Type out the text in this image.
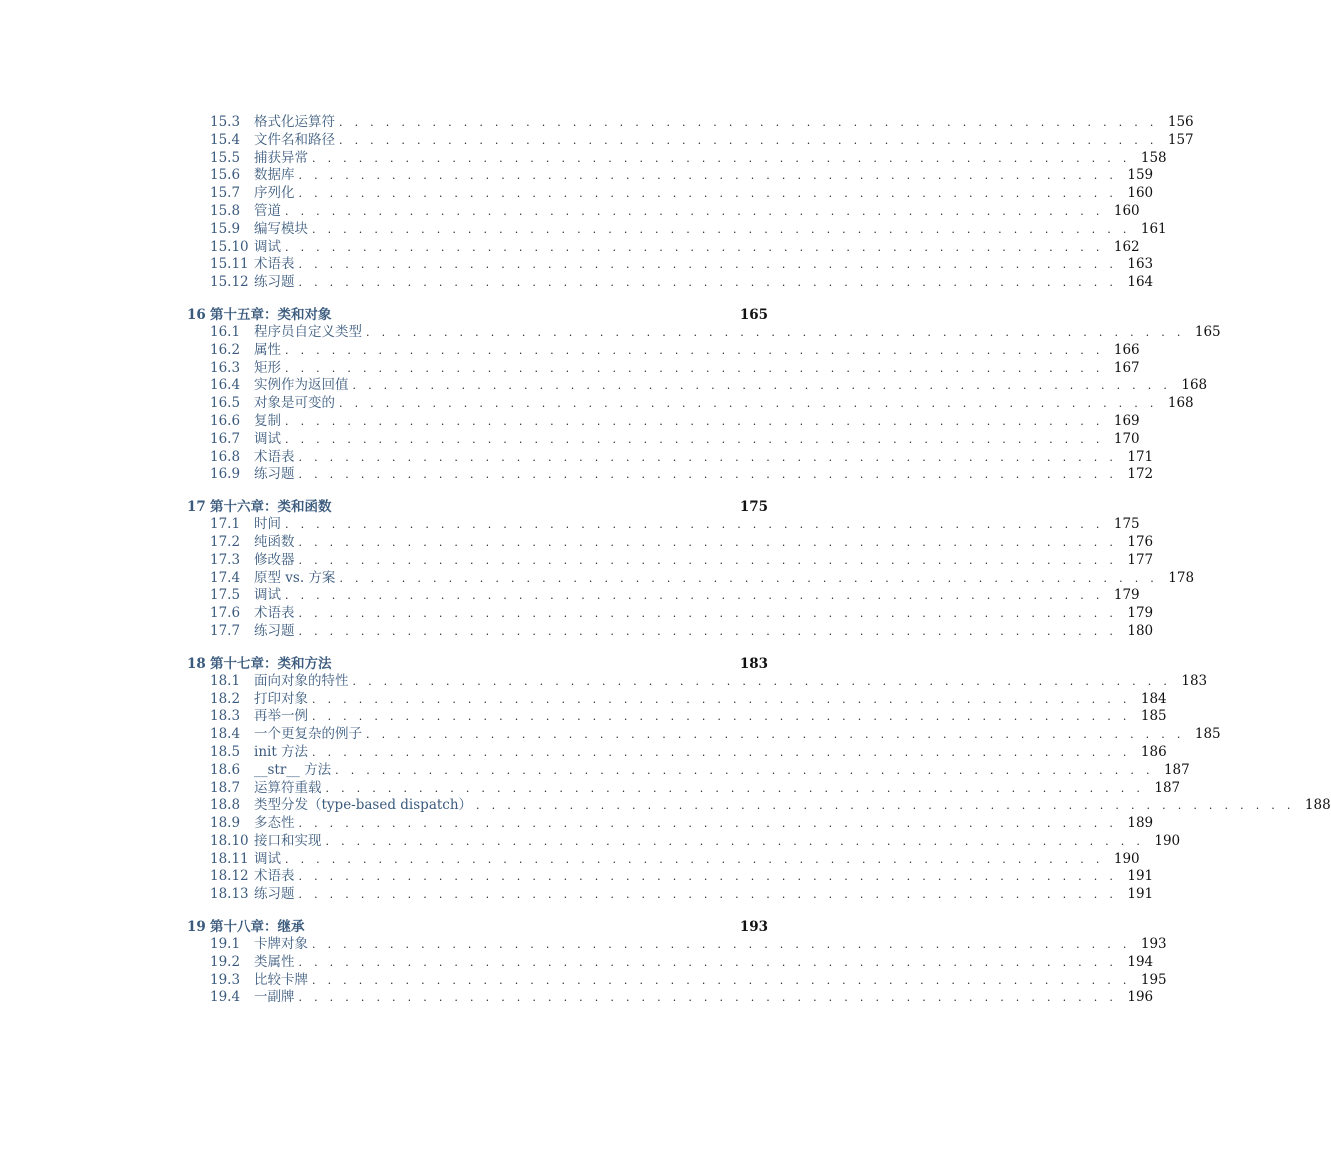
15.3	格式化运算符 . . . . . . . . . . . . . . . . . . . . . . . . . . . . . . . . . . . . . . . . . . . . . . . . . . . . . 156
15.4	文件名和路径 . . . . . . . . . . . . . . . . . . . . . . . . . . . . . . . . . . . . . . . . . . . . . . . . . . . . . 157
15.5	捕获异常 . . . . . . . . . . . . . . . . . . . . . . . . . . . . . . . . . . . . . . . . . . . . . . . . . . . . . 158
15.6	数据库 . . . . . . . . . . . . . . . . . . . . . . . . . . . . . . . . . . . . . . . . . . . . . . . . . . . . . 159
15.7	序列化 . . . . . . . . . . . . . . . . . . . . . . . . . . . . . . . . . . . . . . . . . . . . . . . . . . . . . 160
15.8	管道 . . . . . . . . . . . . . . . . . . . . . . . . . . . . . . . . . . . . . . . . . . . . . . . . . . . . . 160
15.9	编写模块 . . . . . . . . . . . . . . . . . . . . . . . . . . . . . . . . . . . . . . . . . . . . . . . . . . . . . 161
15.10 调试 . . . . . . . . . . . . . . . . . . . . . . . . . . . . . . . . . . . . . . . . . . . . . . . . . . . . . 162
15.11 术语表 . . . . . . . . . . . . . . . . . . . . . . . . . . . . . . . . . . . . . . . . . . . . . . . . . . . . . 163
15.12 练习题 . . . . . . . . . . . . . . . . . . . . . . . . . . . . . . . . . . . . . . . . . . . . . . . . . . . . . 164
16 第十五章：类和对象	165
16.1	程序员自定义类型 . . . . . . . . . . . . . . . . . . . . . . . . . . . . . . . . . . . . . . . . . . . . . . . . . . . . . 165
16.2	属性 . . . . . . . . . . . . . . . . . . . . . . . . . . . . . . . . . . . . . . . . . . . . . . . . . . . . . 166
16.3	矩形 . . . . . . . . . . . . . . . . . . . . . . . . . . . . . . . . . . . . . . . . . . . . . . . . . . . . . 167
16.4	实例作为返回值 . . . . . . . . . . . . . . . . . . . . . . . . . . . . . . . . . . . . . . . . . . . . . . . . . . . . . 168
16.5	对象是可变的 . . . . . . . . . . . . . . . . . . . . . . . . . . . . . . . . . . . . . . . . . . . . . . . . . . . . . 168
16.6	复制 . . . . . . . . . . . . . . . . . . . . . . . . . . . . . . . . . . . . . . . . . . . . . . . . . . . . . 169
16.7	调试 . . . . . . . . . . . . . . . . . . . . . . . . . . . . . . . . . . . . . . . . . . . . . . . . . . . . . 170
16.8	术语表 . . . . . . . . . . . . . . . . . . . . . . . . . . . . . . . . . . . . . . . . . . . . . . . . . . . . . 171
16.9	练习题 . . . . . . . . . . . . . . . . . . . . . . . . . . . . . . . . . . . . . . . . . . . . . . . . . . . . . 172
17 第十六章：类和函数	175
17.1	时间 . . . . . . . . . . . . . . . . . . . . . . . . . . . . . . . . . . . . . . . . . . . . . . . . . . . . . 175
17.2	纯函数 . . . . . . . . . . . . . . . . . . . . . . . . . . . . . . . . . . . . . . . . . . . . . . . . . . . . . 176
17.3	修改器 . . . . . . . . . . . . . . . . . . . . . . . . . . . . . . . . . . . . . . . . . . . . . . . . . . . . . 177
17.4	原型 vs. 方案 . . . . . . . . . . . . . . . . . . . . . . . . . . . . . . . . . . . . . . . . . . . . . . . . . . . . . 178
17.5	调试 . . . . . . . . . . . . . . . . . . . . . . . . . . . . . . . . . . . . . . . . . . . . . . . . . . . . . 179
17.6	术语表 . . . . . . . . . . . . . . . . . . . . . . . . . . . . . . . . . . . . . . . . . . . . . . . . . . . . . 179
17.7	练习题 . . . . . . . . . . . . . . . . . . . . . . . . . . . . . . . . . . . . . . . . . . . . . . . . . . . . . 180
18 第十七章：类和方法	183
18.1	面向对象的特性 . . . . . . . . . . . . . . . . . . . . . . . . . . . . . . . . . . . . . . . . . . . . . . . . . . . . . 183
18.2	打印对象 . . . . . . . . . . . . . . . . . . . . . . . . . . . . . . . . . . . . . . . . . . . . . . . . . . . . . 184
18.3	再举一例 . . . . . . . . . . . . . . . . . . . . . . . . . . . . . . . . . . . . . . . . . . . . . . . . . . . . . 185
18.4	一个更复杂的例子 . . . . . . . . . . . . . . . . . . . . . . . . . . . . . . . . . . . . . . . . . . . . . . . . . . . . . 185
18.5	init 方法 . . . . . . . . . . . . . . . . . . . . . . . . . . . . . . . . . . . . . . . . . . . . . . . . . . . . . 186
18.6	__str__ 方法 . . . . . . . . . . . . . . . . . . . . . . . . . . . . . . . . . . . . . . . . . . . . . . . . . . . . . 187
18.7	运算符重载 . . . . . . . . . . . . . . . . . . . . . . . . . . . . . . . . . . . . . . . . . . . . . . . . . . . . . 187
18.8	类型分发（type-based dispatch） . . . . . . . . . . . . . . . . . . . . . . . . . . . . . . . . . . . . . . . . . . . . . . . . . . . . . 188
18.9	多态性 . . . . . . . . . . . . . . . . . . . . . . . . . . . . . . . . . . . . . . . . . . . . . . . . . . . . . 189
18.10 接口和实现 . . . . . . . . . . . . . . . . . . . . . . . . . . . . . . . . . . . . . . . . . . . . . . . . . . . . . 190
18.11 调试 . . . . . . . . . . . . . . . . . . . . . . . . . . . . . . . . . . . . . . . . . . . . . . . . . . . . . 190
18.12 术语表 . . . . . . . . . . . . . . . . . . . . . . . . . . . . . . . . . . . . . . . . . . . . . . . . . . . . . 191
18.13 练习题 . . . . . . . . . . . . . . . . . . . . . . . . . . . . . . . . . . . . . . . . . . . . . . . . . . . . . 191
19 第十八章：继承	193
19.1	卡牌对象 . . . . . . . . . . . . . . . . . . . . . . . . . . . . . . . . . . . . . . . . . . . . . . . . . . . . . 193
19.2	类属性 . . . . . . . . . . . . . . . . . . . . . . . . . . . . . . . . . . . . . . . . . . . . . . . . . . . . . 194
19.3	比较卡牌 . . . . . . . . . . . . . . . . . . . . . . . . . . . . . . . . . . . . . . . . . . . . . . . . . . . . . 195
19.4	一副牌 . . . . . . . . . . . . . . . . . . . . . . . . . . . . . . . . . . . . . . . . . . . . . . . . . . . . . 196
